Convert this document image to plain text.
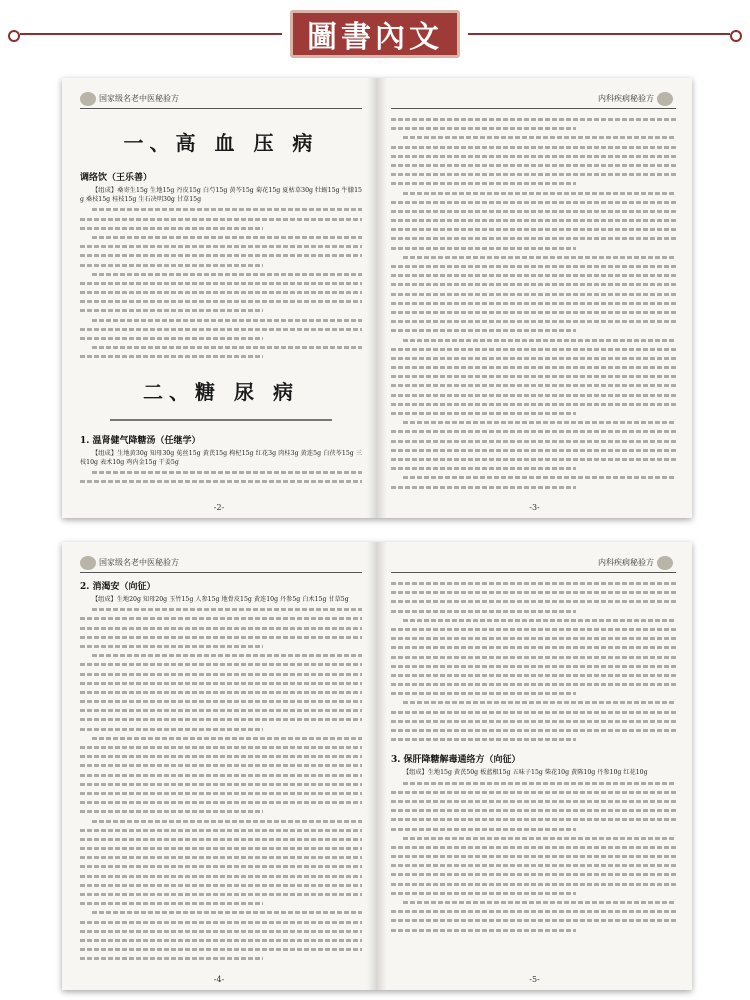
圖書內文
国家级名老中医秘验方
一、高 血 压 病
调络饮（王乐善）
【组成】桑寄生15g 生地15g 丹皮15g 白芍15g 黄芩15g 菊花15g 夏枯草30g 牡蛎15g 牛膝15g 桑枝15g 桂枝15g 生石决明30g 甘草15g
二、糖 尿 病
1. 温肾健气降糖汤（任继学）
【组成】生地黄30g 知母30g 菟丝15g 黄芪15g 枸杞15g 红花3g 肉桂3g 黄连5g 白茯苓15g 三枝10g 表术10g 鸡内金15g 干姜5g
-2-
内科疾病秘验方
-3-
国家级名老中医秘验方
2. 消渴安（向征）
【组成】生地20g 知母20g 玉竹15g 人参15g 地骨皮15g 黄连10g 丹参5g 白术15g 甘草5g
-4-
内科疾病秘验方
3. 保肝降糖解毒通络方（向征）
【组成】生地15g 黄芪50g 板蓝根15g 五味子15g 柴花10g 黄陈10g 丹参10g 红花10g
-5-
